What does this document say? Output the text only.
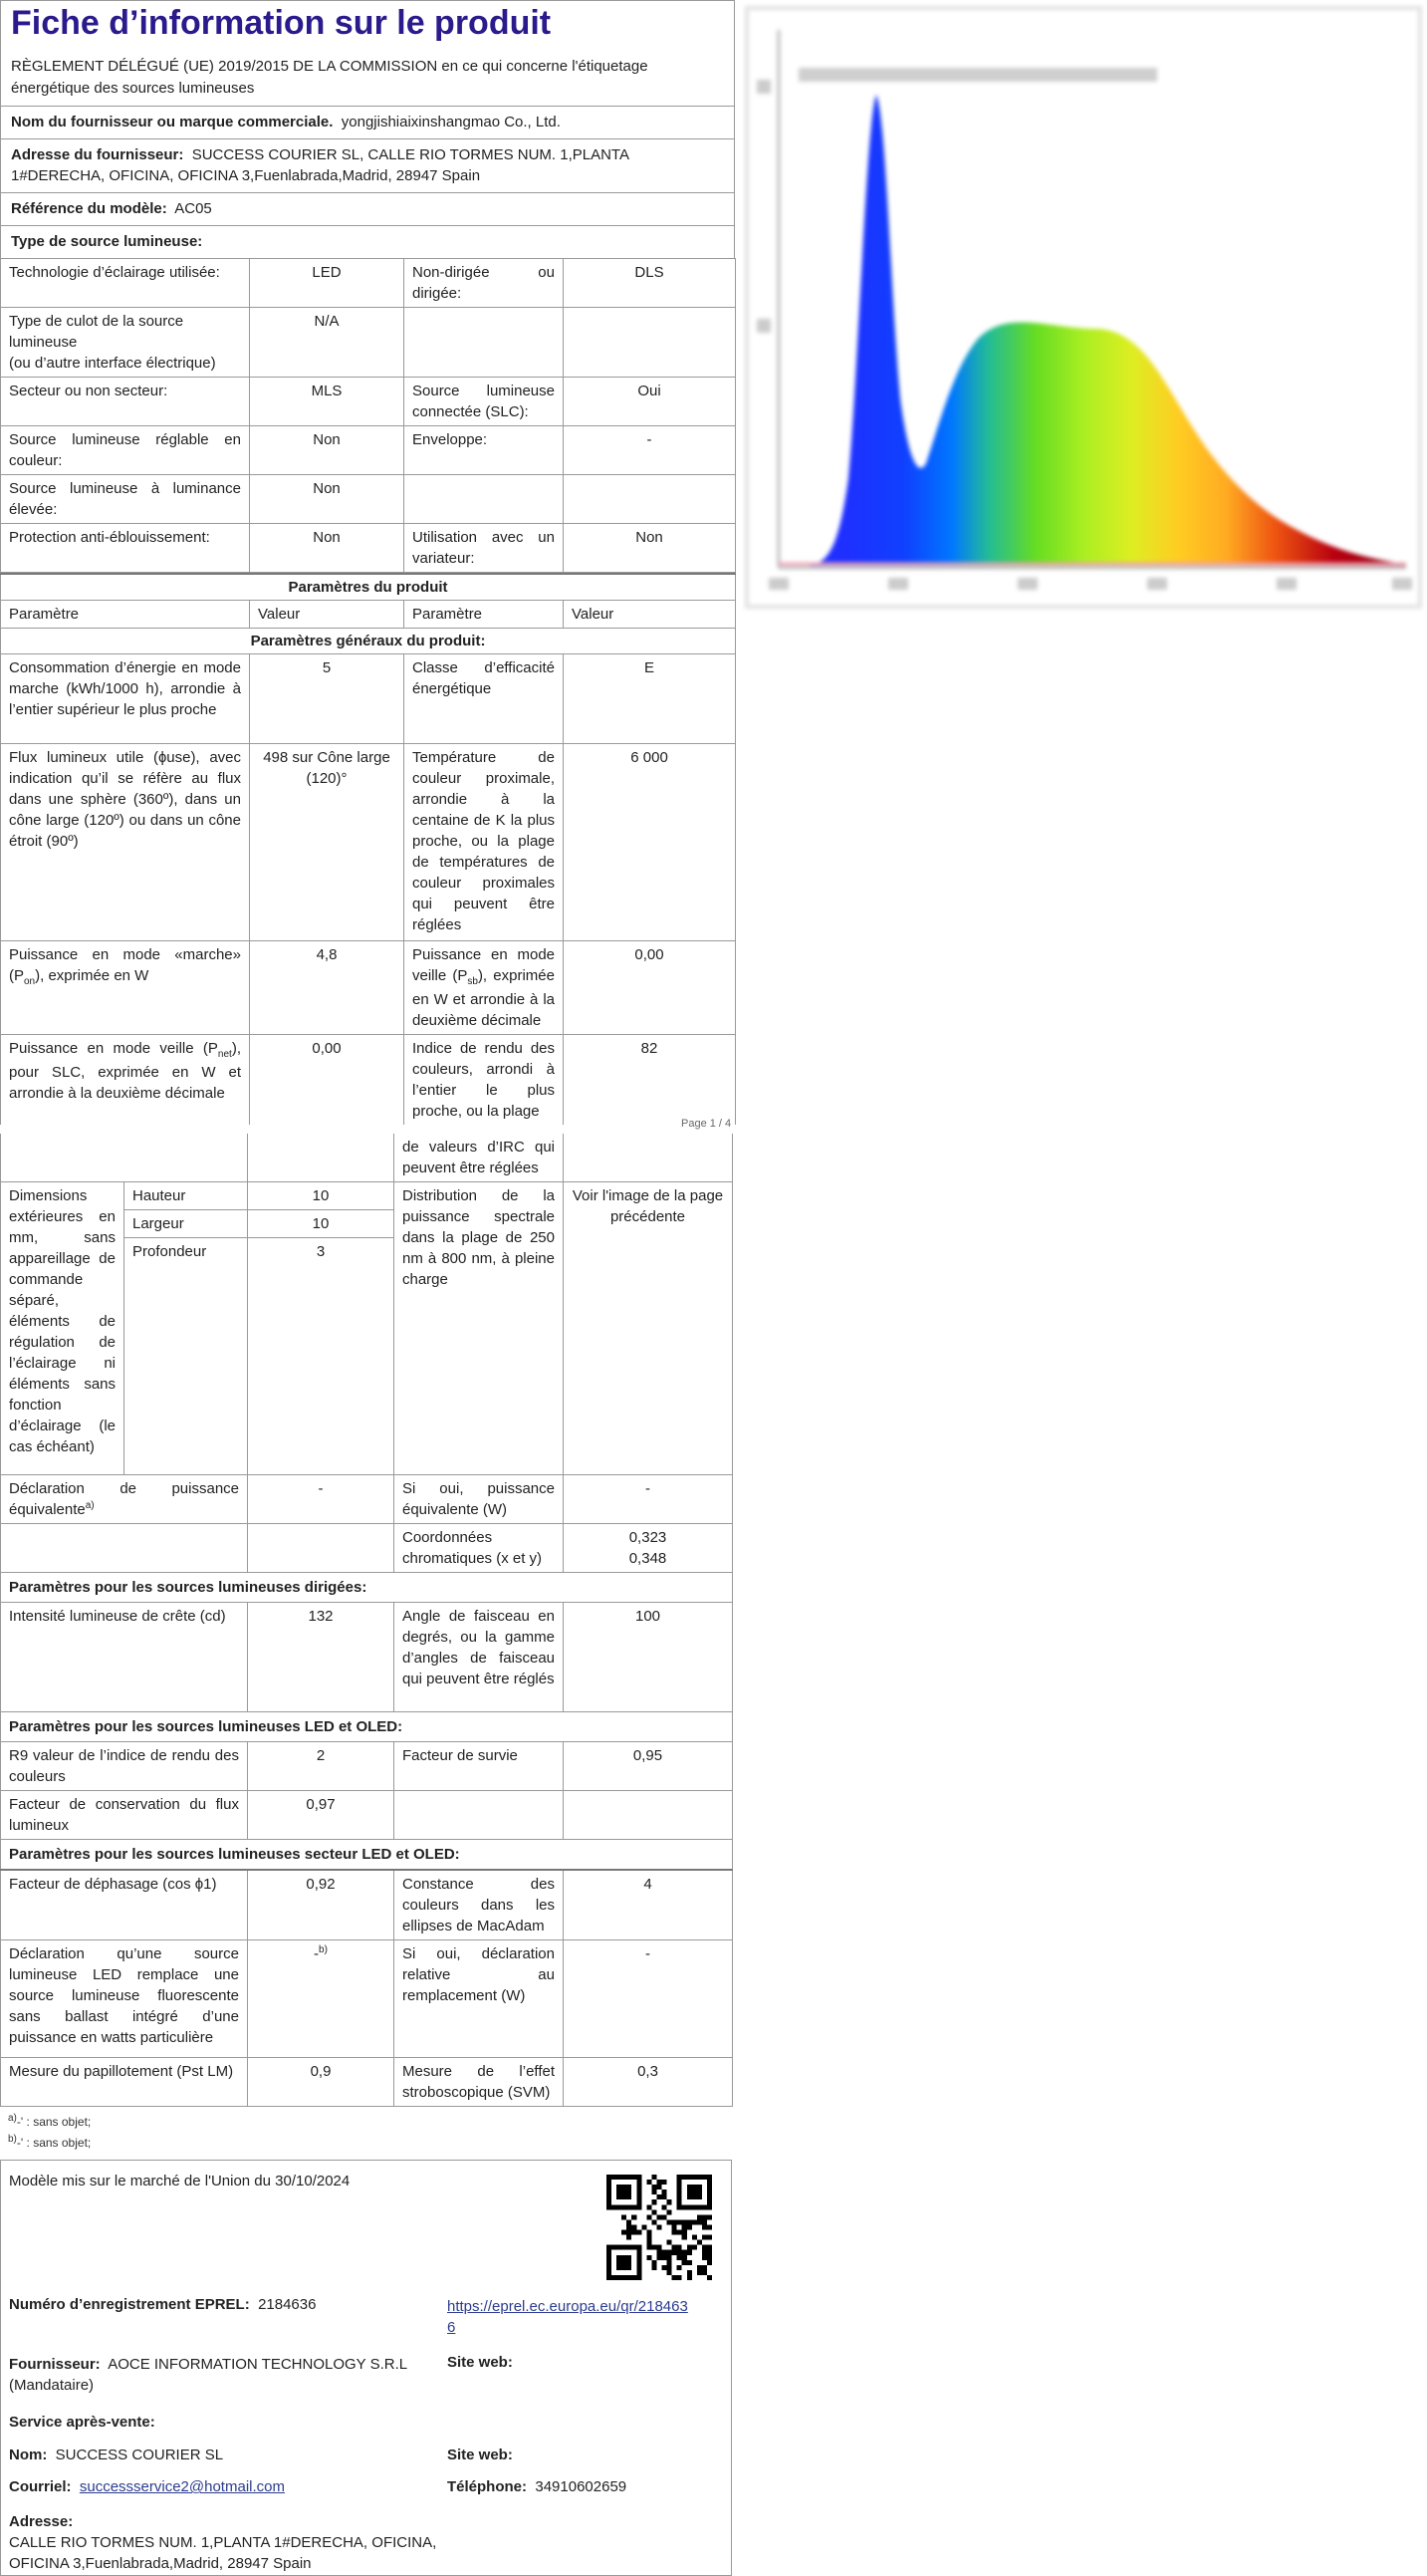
Fiche d’information sur le produit
RÈGLEMENT DÉLÉGUÉ (UE) 2019/2015 DE LA COMMISSION en ce qui concerne l'étiquetage énergétique des sources lumineuses
Nom du fournisseur ou marque commerciale. yongjishiaixinshangmao Co., Ltd.
Adresse du fournisseur: SUCCESS COURIER SL, CALLE RIO TORMES NUM. 1,PLANTA 1#DERECHA, OFICINA, OFICINA 3,Fuenlabrada,Madrid, 28947 Spain
Référence du modèle: AC05
Type de source lumineuse:
Technologie d’éclairage utilisée:	LED	Non-dirigée ou dirigée:	DLS

Type de culot de la source lumineuse
(ou d’autre interface électrique)	N/A		
Secteur ou non secteur:	MLS	Source lumineuse connectée (SLC):	Oui
Source lumineuse réglable en couleur:	Non	Enveloppe:	-
Source lumineuse à luminance élevée:	Non		
Protection anti-éblouissement:	Non	Utilisation avec un variateur:	Non
Paramètres du produit			
Paramètre	Valeur	Paramètre	Valeur
Paramètres généraux du produit:			
Consommation d’énergie en mode marche (kWh/1000 h), arrondie à l’entier supérieur le plus proche	5	Classe d’efficacité énergétique	E
Flux lumineux utile (ɸuse), avec indication qu’il se réfère au flux dans une sphère (360º), dans un cône large (120º) ou dans un cône étroit (90º)	498 sur Cône large (120)°	Température de couleur proximale, arrondie à la centaine de K la plus proche, ou la plage de températures de couleur proximales qui peuvent être réglées	6 000
Puissance en mode «marche» $(P_{on})$, exprimée en W	4,8	Puissance en mode veille $(P_{sb})$, exprimée en W et arrondie à la deuxième décimale	0,00
Puissance en mode veille $(P_{net})$, pour SLC, exprimée en W et arrondie à la deuxième décimale	0,00	Indice de rendu des couleurs, arrondi à l’entier le plus proche, ou la plage	82
Page 1 / 4
			de valeurs d’IRC qui peuvent être réglées	
Dimensions extérieures en mm, sans appareillage de commande séparé, éléments de régulation de l’éclairage ni éléments sans fonction d’éclairage (le cas échéant)	Hauteur	10	Distribution de la puissance spectrale dans la plage de 250 nm à 800 nm, à pleine charge	Voir l'image de la page précédente
	Largeur	10		
	Profondeur	3		
Déclaration de puissance équivalente$^{a)}$		-	Si oui, puissance équivalente (W)	-
			Coordonnées chromatiques (x et y)	0,323
0,348

Paramètres pour les sources lumineuses dirigées:				
Intensité lumineuse de crête (cd)		132	Angle de faisceau en degrés, ou la gamme d’angles de faisceau qui peuvent être réglés	100
Paramètres pour les sources lumineuses LED et OLED:				
R9 valeur de l’indice de rendu des couleurs		2	Facteur de survie	0,95
Facteur de conservation du flux lumineux		0,97		
Paramètres pour les sources lumineuses secteur LED et OLED:				
Facteur de déphasage (cos ϕ1)		0,92	Constance des couleurs dans les ellipses de MacAdam	4
Déclaration qu’une source lumineuse LED remplace une source lumineuse fluorescente sans ballast intégré d’une puissance en watts particulière		-$^{b)}$	Si oui, déclaration relative au remplacement (W)	-
Mesure du papillotement (Pst LM)		0,9	Mesure de l’effet stroboscopique (SVM)	0,3
$^{a)}$-' : sans objet;
$^{b)}$-' : sans objet;
Modèle mis sur le marché de l'Union du 30/10/2024
Numéro d’enregistrement EPREL: 2184636	https://eprel.ec.europa.eu/qr/2184636
Fournisseur: AOCE INFORMATION TECHNOLOGY S.R.L (Mandataire)
Site web:
Service après-vente:
Nom: SUCCESS COURIER SL	Site web:
Courriel: successservice2@hotmail.com	Téléphone: 34910602659
Adresse:
CALLE RIO TORMES NUM. 1,PLANTA 1#DERECHA, OFICINA, OFICINA 3,Fuenlabrada,Madrid, 28947 Spain
